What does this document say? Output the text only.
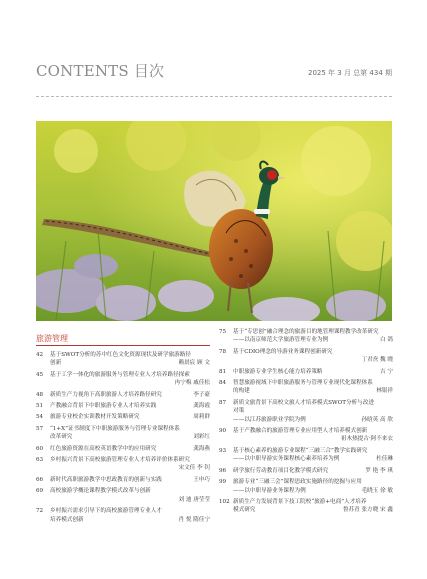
CONTENTS 目次	2025 年 3 月 总第 434 期
旅游管理
42	基于SWOT分析的苏中红色文化资源现状及研学旅游路径
创新	赖晨宸 顾 文
45	基于工学一体化的旅游服务与管理专业人才培养路径探索
冉宁梅 戚佳松
48	新质生产力视角下高职旅游人才培养路径研究	李子豪
51	产教融合背景下中职旅游专业人才培养实践	龚海霞
54	旅游专业校企实训教材开发策略研究	周莉群
57	“1+X”证书制度下中职旅游服务与管理专业课程体系
改革研究	刘彩红
60	红色旅游资源在高校英语教学中的应用研究	龚海燕
63	乡村振兴背景下高校旅游管理专业人才培养评价体系研究
宋文佳 李 钊
66	新时代高职旅游教学中思政教育的创新与实践	王申巧
69	高校旅游学概论课程教学模式改革与创新
刘 迪 唐莹莹
72	乡村振兴需求引导下的高校旅游管理专业人才
培养模式创新	肖 悦 隋佳宁
75	基于“专思创”融合理念的旅游目的地管理课程教学改革研究
——以南京师范大学旅游管理专业为例	白 鸽
78	基于CDIO理念的导游业务课程创新研究
丁君焘 魏 晓
81	中职旅游专业学生核心能力培养策略	吉 宁
84	智慧旅游视域下中职旅游服务与管理专业现代化课程体系
的构建	林银祥
87	新质文旅背景下高校文旅人才培养模式SWOT分析与改进
对策
——以江苏旅游职业学院为例	孙晗英 高 欣
90	基于产教融合的旅游管理专业应用型人才培养模式创新
祖木热提古·阿不来衣
93	基于核心素养的旅游专业课程“三融三合”教学实践研究
——以中职导游实务课程核心素养培养为例	杜佳琳
96	研学旅行劳动教育项目化教学模式研究	罗 艳 李 琪
99	旅游专业“三融三会”课程思政实施路径的挖掘与应用
——以中职导游业务课程为例	毛晓玉 徐 敏
102 新质生产力发展背景下技工院校“旅游+电商”人才培养
模式研究	鲁苏青 张方晓 宋 鑫
